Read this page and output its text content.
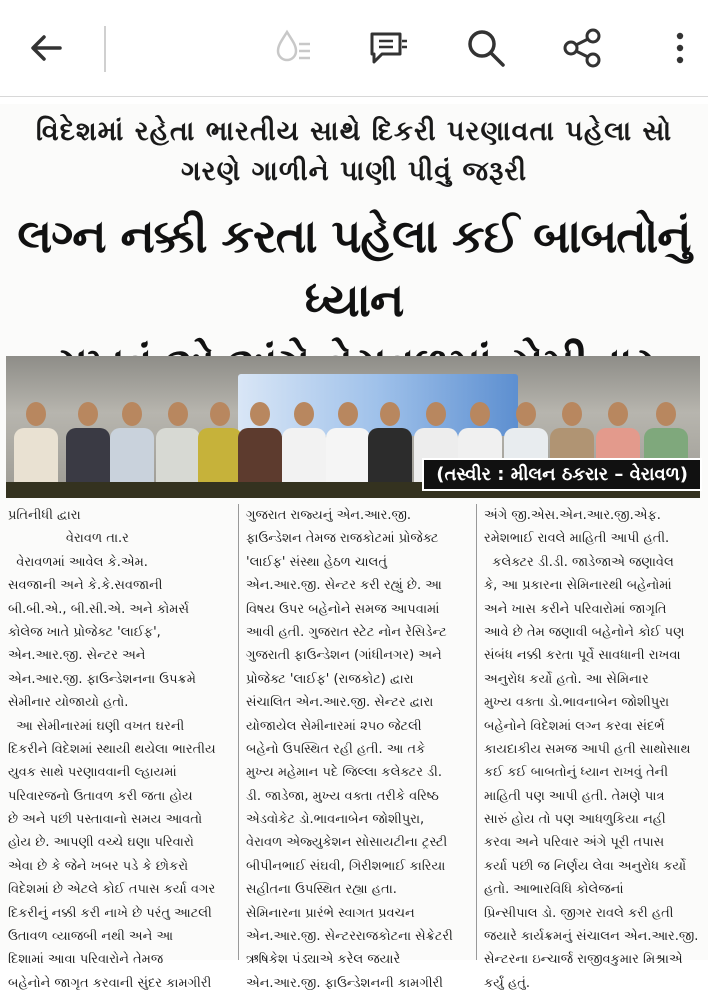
વિદેશમાં રહેતા ભારતીય સાથે દિકરી પરણાવતા પહેલા સો
ગરણે ગાળીને પાણી પીવું જરૂરી
લગ્ન નક્કી કરતા પહેલા કઈ બાબતોનું ધ્યાન
(તસ્વીર : મીલન ઠકરાર – વેરાવળ)
પ્રતિનીધી દ્વારા
વેરાવળ તા.ર
વેરાવળમાં આવેલ કે.એમ.
સવજાની અને કે.કે.સવજાની
બી.બી.એ., બી.સી.એ. અને કોમર્સ
કોલેજ ખાતે પ્રોજેક્ટ 'લાઈફ',
એન.આર.જી. સેન્ટર અને
એન.આર.જી. ફાઉન્ડેશનના ઉપક્રમે
સેમીનાર યોજાયો હતો.
આ સેમીનારમાં ઘણી વખત ઘરની
દિકરીને વિદેશમાં સ્થાયી થયેલા ભારતીય
યુવક સાથે પરણાવવાની લ્હાયમાં
પરિવારજનો ઉતાવળ કરી જતા હોય
છે અને પછી પસ્તાવાનો સમય આવતો
હોય છે. આપણી વચ્ચે ઘણા પરિવારો
એવા છે કે જેને ખબર પડે કે છોકરો
વિદેશમાં છે એટલે કોઈ તપાસ કર્યા વગર
દિકરીનું નક્કી કરી નાખે છે પરંતુ આટલી
ઉતાવળ વ્યાજબી નથી અને આ
દિશામાં આવા પરિવારોને તેમજ
બહેનોને જાગૃત કરવાની સુંદર કામગીરી
ગુજરાત રાજ્યનું એન.આર.જી.
ફાઉન્ડેશન તેમજ રાજકોટમાં પ્રોજેક્ટ
'લાઈફ' સંસ્થા હેઠળ ચાલતું
એન.આર.જી. સેન્ટર કરી રહ્યું છે. આ
વિષય ઉપર બહેનોને સમજ આપવામાં
આવી હતી. ગુજરાત સ્ટેટ નોન રેસિડેન્ટ
ગુજરાતી ફાઉન્ડેશન (ગાંધીનગર) અને
પ્રોજેક્ટ 'લાઈફ' (રાજકોટ) દ્વારા
સંચાલિત એન.આર.જી. સેન્ટર દ્વારા
યોજાયેલ સેમીનારમાં ૨૫૦ જેટલી
બહેનો ઉપસ્થિત રહી હતી. આ તકે
મુખ્ય મહેમાન પદે જિલ્લા કલેક્ટર ડી.
ડી. જાડેજા, મુખ્ય વક્તા તરીકે વરિષ્ઠ
એડવોકેટ ડો.ભાવનાબેન જોશીપુરા,
વેરાવળ એજ્યુકેશન સોસાયટીના ટ્રસ્ટી
બીપીનભાઈ સંઘવી, ગિરીશભાઈ કારિયા
સહીતના ઉપસ્થિત રહ્યા હતા.
સેમિનારના પ્રારંભે સ્વાગત પ્રવચન
એન.આર.જી. સેન્ટરરાજકોટના સેક્રેટરી
ઋષિકેશ પંડ્યાએ કરેલ જયારે
એન.આર.જી. ફાઉન્ડેશનની કામગીરી
અંગે જી.એસ.એન.આર.જી.એફ.
રમેશભાઈ રાવલે માહિતી આપી હતી.
કલેક્ટર ડી.ડી. જાડેજાએ જણાવેલ
કે, આ પ્રકારના સેમિનારથી બહેનોમાં
અને ખાસ કરીને પરિવારોમાં જાગૃતિ
આવે છે તેમ જણાવી બહેનોને કોઈ પણ
સંબંધ નક્કી કરતા પૂર્વે સાવધાની રાખવા
અનુરોધ કર્યો હતો. આ સેમિનાર
મુખ્ય વક્તા ડો.ભાવનાબેન જોશીપુરા
બહેનોને વિદેશમાં લગ્ન કરવા સંદર્ભ
કાયદાકીય સમજ આપી હતી સાથોસાથ
કઈ કઈ બાબતોનું ધ્યાન રાખવું તેની
માહિતી પણ આપી હતી. તેમણે પાત્ર
સારું હોય તો પણ આધળુકિયા નહી
કરવા અને પરિવાર અંગે પૂરી તપાસ
કર્યા પછી જ નિર્ણય લેવા અનુરોધ કર્યો
હતો. આભારવિધિ કોલેજનાં
પ્રિન્સીપાલ ડો. જીગર રાવલે કરી હતી
જયારે કાર્યક્રમનું સંચાલન એન.આર.જી.
સેન્ટરના ઇન્ચાર્જ રાજીવકુમાર મિશ્રાએ
કર્યું હતું.
